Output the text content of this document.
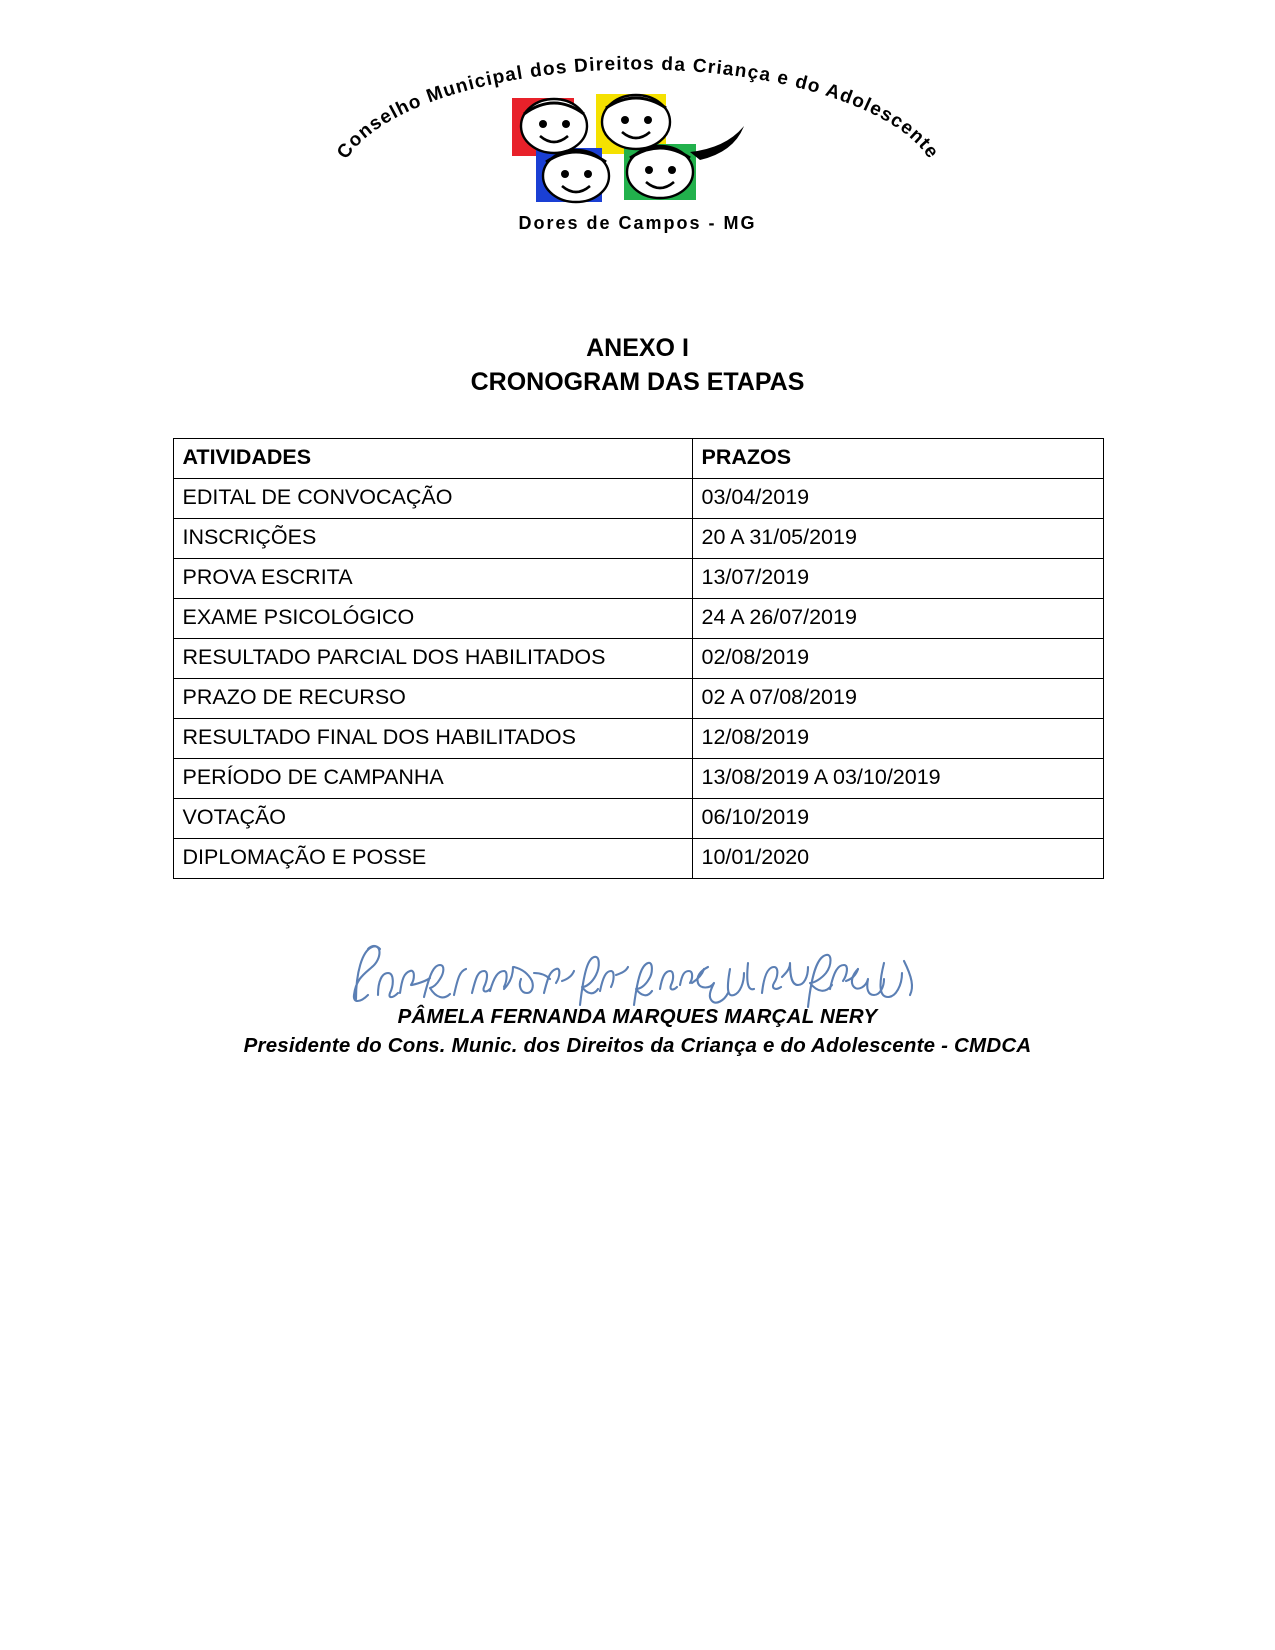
Conselho Municipal dos Direitos da Criança e do Adolescente
Dores de Campos - MG
ANEXO I
CRONOGRAM DAS ETAPAS
ATIVIDADES	PRAZOS
EDITAL DE CONVOCAÇÃO	03/04/2019
INSCRIÇÕES	20 A 31/05/2019
PROVA ESCRITA	13/07/2019
EXAME PSICOLÓGICO	24 A 26/07/2019
RESULTADO PARCIAL DOS HABILITADOS	02/08/2019
PRAZO DE RECURSO	02 A 07/08/2019
RESULTADO FINAL DOS HABILITADOS	12/08/2019
PERÍODO DE CAMPANHA	13/08/2019 A 03/10/2019
VOTAÇÃO	06/10/2019
DIPLOMAÇÃO E POSSE	10/01/2020
PÂMELA FERNANDA MARQUES MARÇAL NERY
Presidente do Cons. Munic. dos Direitos da Criança e do Adolescente - CMDCA
